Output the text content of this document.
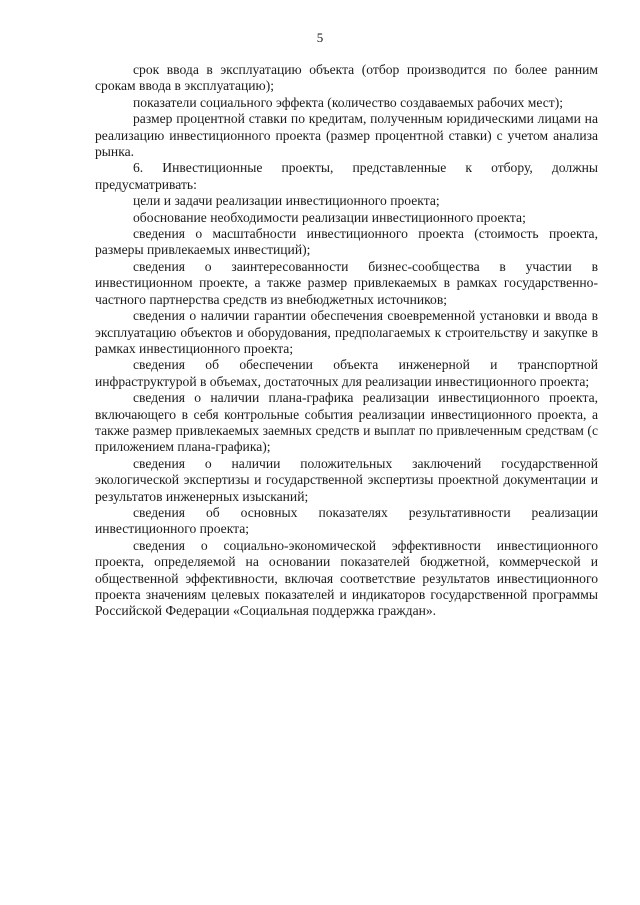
5

срок ввода в эксплуатацию объекта (отбор производится по более ранним срокам ввода в эксплуатацию);

показатели социального эффекта (количество создаваемых рабочих мест);

размер процентной ставки по кредитам, полученным юридическими лицами на реализацию инвестиционного проекта (размер процентной ставки) с учетом анализа рынка.

6. Инвестиционные проекты, представленные к отбору, должны предусматривать:

цели и задачи реализации инвестиционного проекта;

обоснование необходимости реализации инвестиционного проекта;

сведения о масштабности инвестиционного проекта (стоимость проекта, размеры привлекаемых инвестиций);

сведения о заинтересованности бизнес-сообщества в участии в инвестиционном проекте, а также размер привлекаемых в рамках государственно-частного партнерства средств из внебюджетных источников;

сведения о наличии гарантии обеспечения своевременной установки и ввода в эксплуатацию объектов и оборудования, предполагаемых к строительству и закупке в рамках инвестиционного проекта;

сведения об обеспечении объекта инженерной и транспортной инфраструктурой в объемах, достаточных для реализации инвестиционного проекта;

сведения о наличии плана-графика реализации инвестиционного проекта, включающего в себя контрольные события реализации инвестиционного проекта, а также размер привлекаемых заемных средств и выплат по привлеченным средствам (с приложением плана-графика);

сведения о наличии положительных заключений государственной экологической экспертизы и государственной экспертизы проектной документации и результатов инженерных изысканий;

сведения об основных показателях результативности реализации инвестиционного проекта;

сведения о социально-экономической эффективности инвестиционного проекта, определяемой на основании показателей бюджетной, коммерческой и общественной эффективности, включая соответствие результатов инвестиционного проекта значениям целевых показателей и индикаторов государственной программы Российской Федерации «Социальная поддержка граждан».
